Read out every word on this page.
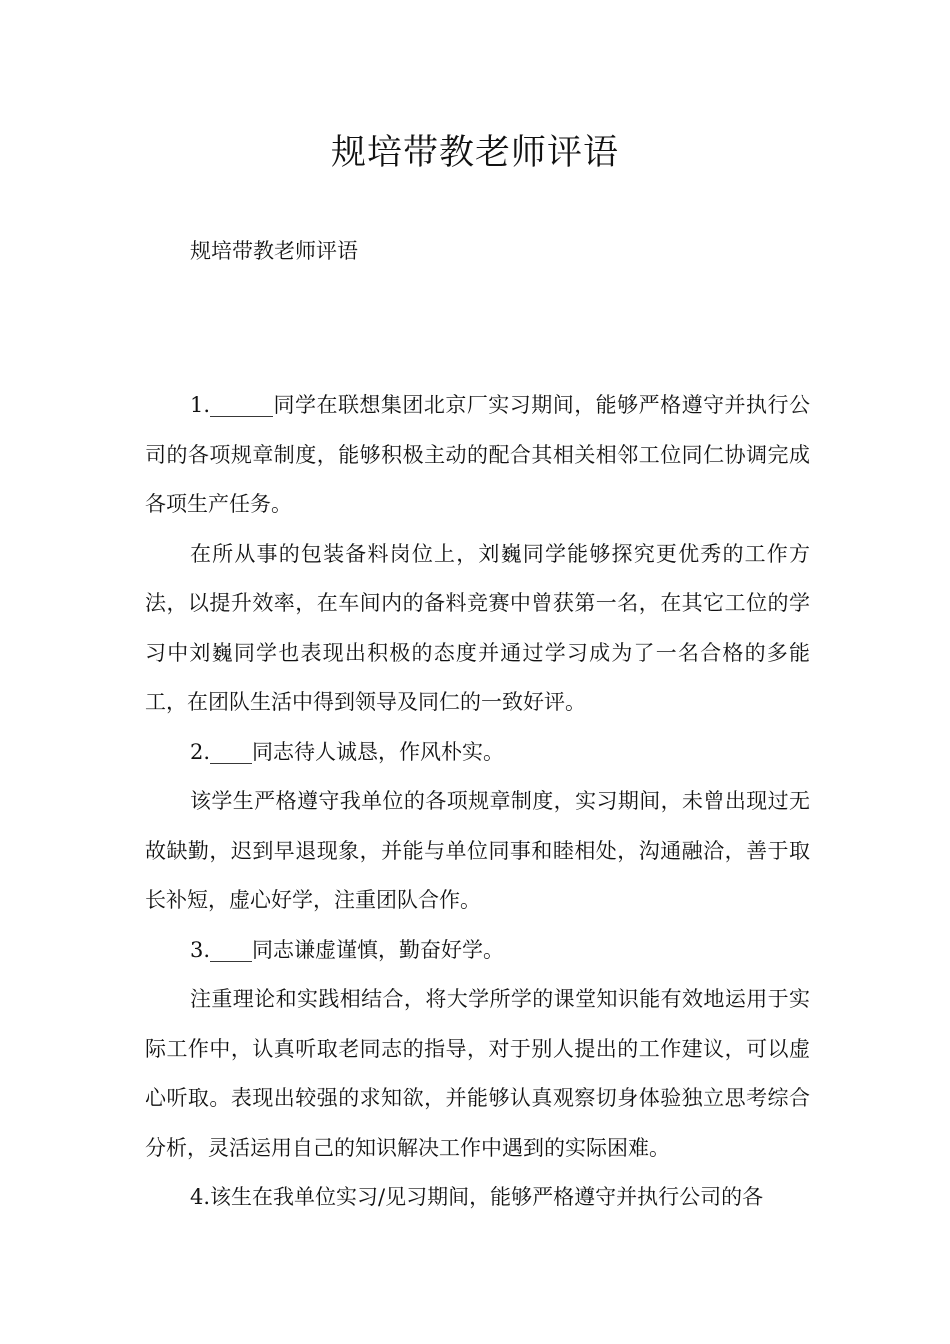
规培带教老师评语

规培带教老师评语

1.______同学在联想集团北京厂实习期间，能够严格遵守并执行公司的各项规章制度，能够积极主动的配合其相关相邻工位同仁协调完成各项生产任务。

在所从事的包装备料岗位上，刘巍同学能够探究更优秀的工作方法，以提升效率，在车间内的备料竞赛中曾获第一名，在其它工位的学习中刘巍同学也表现出积极的态度并通过学习成为了一名合格的多能工，在团队生活中得到领导及同仁的一致好评。

2.____同志待人诚恳，作风朴实。

该学生严格遵守我单位的各项规章制度，实习期间，未曾出现过无故缺勤，迟到早退现象，并能与单位同事和睦相处，沟通融洽，善于取长补短，虚心好学，注重团队合作。

3.____同志谦虚谨慎，勤奋好学。

注重理论和实践相结合，将大学所学的课堂知识能有效地运用于实际工作中，认真听取老同志的指导，对于别人提出的工作建议，可以虚心听取。表现出较强的求知欲，并能够认真观察切身体验独立思考综合分析，灵活运用自己的知识解决工作中遇到的实际困难。

4.该生在我单位实习/见习期间，能够严格遵守并执行公司的各
